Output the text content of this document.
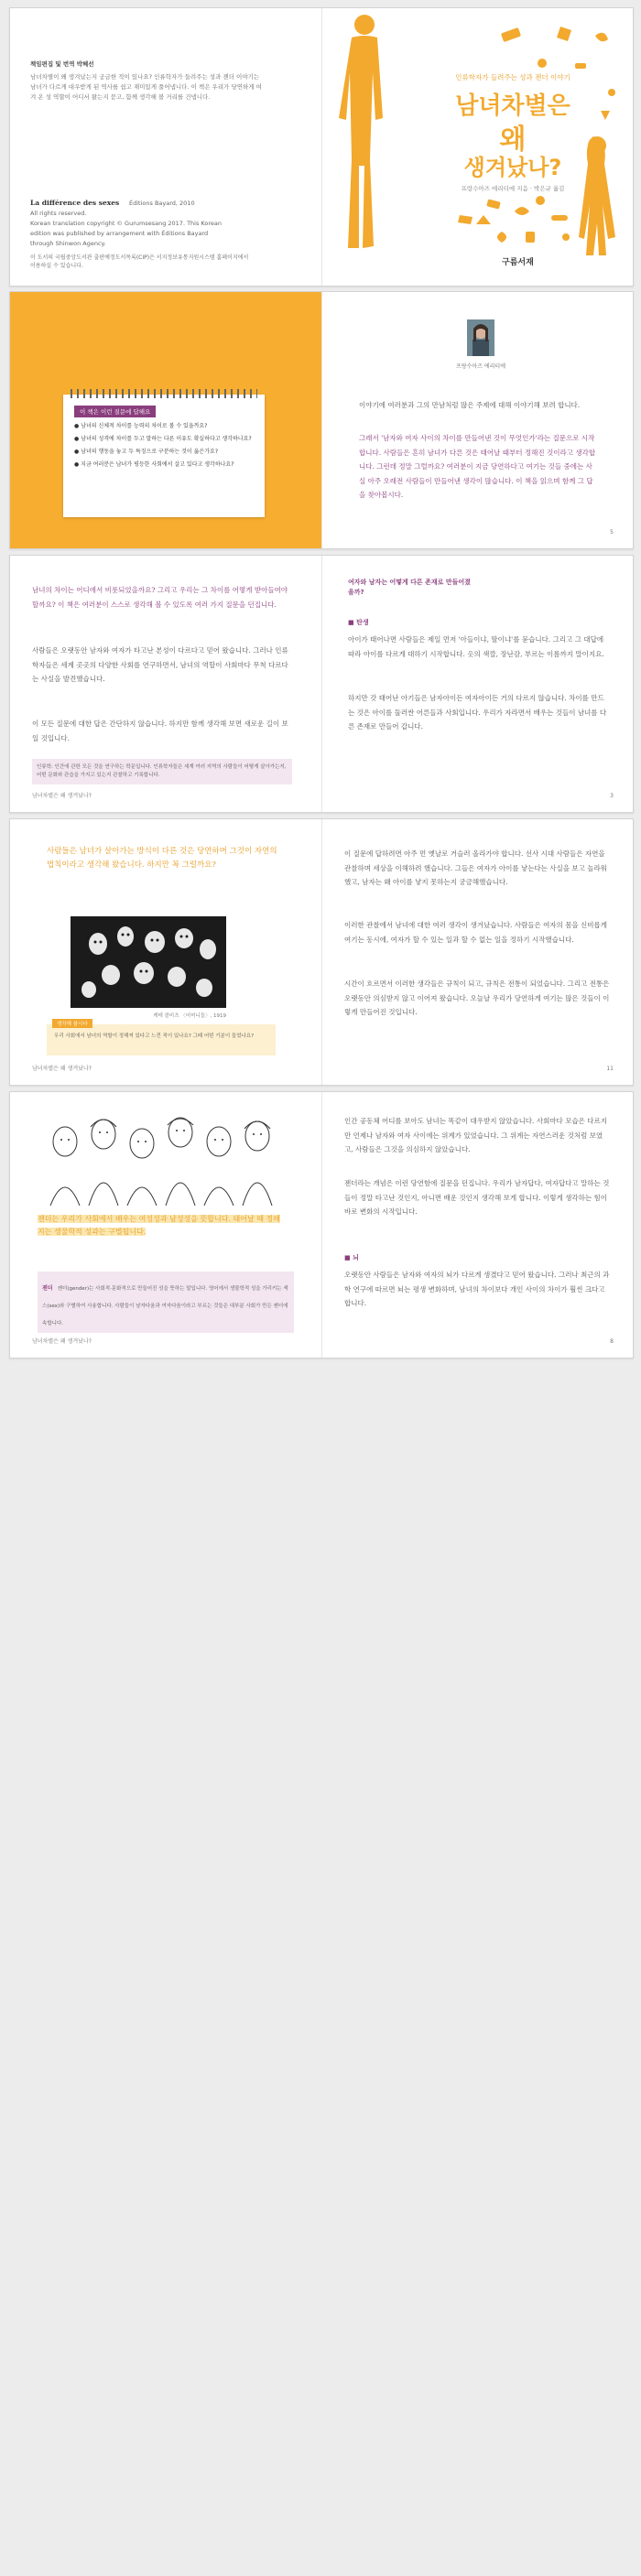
책임편집 및 번역 박혜선
남녀차별이 왜 생겨났는지 궁금한 적이 있나요? 인류학자가 들려주는 성과 젠더 이야기는 남녀가 다르게 대우받게 된 역사를 쉽고 재미있게 풀어냅니다. 이 책은 우리가 당연하게 여겨 온 성 역할이 어디서 왔는지 묻고, 함께 생각해 볼 거리를 건넵니다.
La différence des sexes Éditions Bayard, 2010
All rights reserved.
Korean translation copyright © Gurumsesang 2017. This Korean edition was published by arrangement with Éditions Bayard through Shinwon Agency.
이 도서의 국립중앙도서관 출판예정도서목록(CIP)은 서지정보유통지원시스템 홈페이지에서 이용하실 수 있습니다.
인류학자가 들려주는 성과 젠더 이야기
남녀차별은
왜
생겨났나?
프랑수아즈 에리티에 지음 · 박은규 옮김
구름서재
이 책은 이런 질문에 답해요
● 남녀의 신체적 차이를 능력의 차이로 볼 수 있을까요?
● 남녀의 성격에 차이를 두고 말하는 다른 이유도 확실하다고 생각하나요?
● 남녀의 행동을 놓고 두 특징으로 구분하는 것이 옳은가요?
● 지금 여러분은 남녀가 평등한 사회에서 살고 있다고 생각하나요?
프랑수아즈 에리티에
이야기에 여러분과 그의 만남처럼 많은 주제에 대해 이야기해 보려 합니다.
그래서 '남자와 여자 사이의 차이를 만들어낸 것이 무엇인가'라는 질문으로 시작합니다. 사람들은 흔히 남녀가 다른 것은 태어날 때부터 정해진 것이라고 생각합니다. 그런데 정말 그럴까요? 여러분이 지금 당연하다고 여기는 것들 중에는 사실 아주 오래전 사람들이 만들어낸 생각이 많습니다. 이 책을 읽으며 함께 그 답을 찾아봅시다.
5
남녀의 차이는 어디에서 비롯되었을까요? 그리고 우리는 그 차이를 어떻게 받아들여야 할까요? 이 책은 여러분이 스스로 생각해 볼 수 있도록 여러 가지 질문을 던집니다.
사람들은 오랫동안 남자와 여자가 타고난 본성이 다르다고 믿어 왔습니다. 그러나 인류학자들은 세계 곳곳의 다양한 사회를 연구하면서, 남녀의 역할이 사회마다 무척 다르다는 사실을 발견했습니다.
이 모든 질문에 대한 답은 간단하지 않습니다. 하지만 함께 생각해 보면 새로운 길이 보일 것입니다.
인류학: 인간에 관한 모든 것을 연구하는 학문입니다. 인류학자들은 세계 여러 지역의 사람들이 어떻게 살아가는지, 어떤 문화와 관습을 가지고 있는지 관찰하고 기록합니다.
남녀차별은 왜 생겨났나?
여자와 남자는 어떻게 다른 존재로 만들어졌을까?
■ 탄생
아이가 태어나면 사람들은 제일 먼저 '아들이냐, 딸이냐'를 묻습니다. 그리고 그 대답에 따라 아이를 다르게 대하기 시작합니다. 옷의 색깔, 장난감, 부르는 이름까지 말이지요.
하지만 갓 태어난 아기들은 남자아이든 여자아이든 거의 다르지 않습니다. 차이를 만드는 것은 아이를 둘러싼 어른들과 사회입니다. 우리가 자라면서 배우는 것들이 남녀를 다른 존재로 만들어 갑니다.
3
사람들은 남녀가 살아가는 방식이 다른 것은 당연하며 그것이 자연의 법칙이라고 생각해 왔습니다. 하지만 꼭 그럴까요?
케테 콜비츠 〈어머니들〉, 1919
생각해 봅시다
우리 사회에서 남녀의 역할이 정해져 있다고 느낀 적이 있나요? 그때 어떤 기분이 들었나요?
남녀차별은 왜 생겨났나?
이 질문에 답하려면 아주 먼 옛날로 거슬러 올라가야 합니다. 선사 시대 사람들은 자연을 관찰하며 세상을 이해하려 했습니다. 그들은 여자가 아이를 낳는다는 사실을 보고 놀라워했고, 남자는 왜 아이를 낳지 못하는지 궁금해했습니다.
이러한 관찰에서 남녀에 대한 여러 생각이 생겨났습니다. 사람들은 여자의 몸을 신비롭게 여기는 동시에, 여자가 할 수 있는 일과 할 수 없는 일을 정하기 시작했습니다.
시간이 흐르면서 이러한 생각들은 규칙이 되고, 규칙은 전통이 되었습니다. 그리고 전통은 오랫동안 의심받지 않고 이어져 왔습니다. 오늘날 우리가 당연하게 여기는 많은 것들이 이렇게 만들어진 것입니다.
11
젠더는 우리가 사회에서 배우는 여성성과 남성성을 뜻합니다. 태어날 때 정해지는 생물학적 성과는 구별됩니다.
젠더 젠더(gender)는 사회적·문화적으로 만들어진 성을 뜻하는 말입니다. 영어에서 생물학적 성을 가리키는 섹스(sex)와 구별하여 사용합니다. 사람들이 남자다움과 여자다움이라고 부르는 것들은 대부분 사회가 만든 젠더에 속합니다.
남녀차별은 왜 생겨났나?
인간 공동체 어디를 보아도 남녀는 똑같이 대우받지 않았습니다. 사회마다 모습은 다르지만 언제나 남자와 여자 사이에는 위계가 있었습니다. 그 위계는 자연스러운 것처럼 보였고, 사람들은 그것을 의심하지 않았습니다.
젠더라는 개념은 이런 당연함에 질문을 던집니다. 우리가 남자답다, 여자답다고 말하는 것들이 정말 타고난 것인지, 아니면 배운 것인지 생각해 보게 합니다. 이렇게 생각하는 힘이 바로 변화의 시작입니다.
■ 뇌
오랫동안 사람들은 남자와 여자의 뇌가 다르게 생겼다고 믿어 왔습니다. 그러나 최근의 과학 연구에 따르면 뇌는 평생 변화하며, 남녀의 차이보다 개인 사이의 차이가 훨씬 크다고 합니다.
8
